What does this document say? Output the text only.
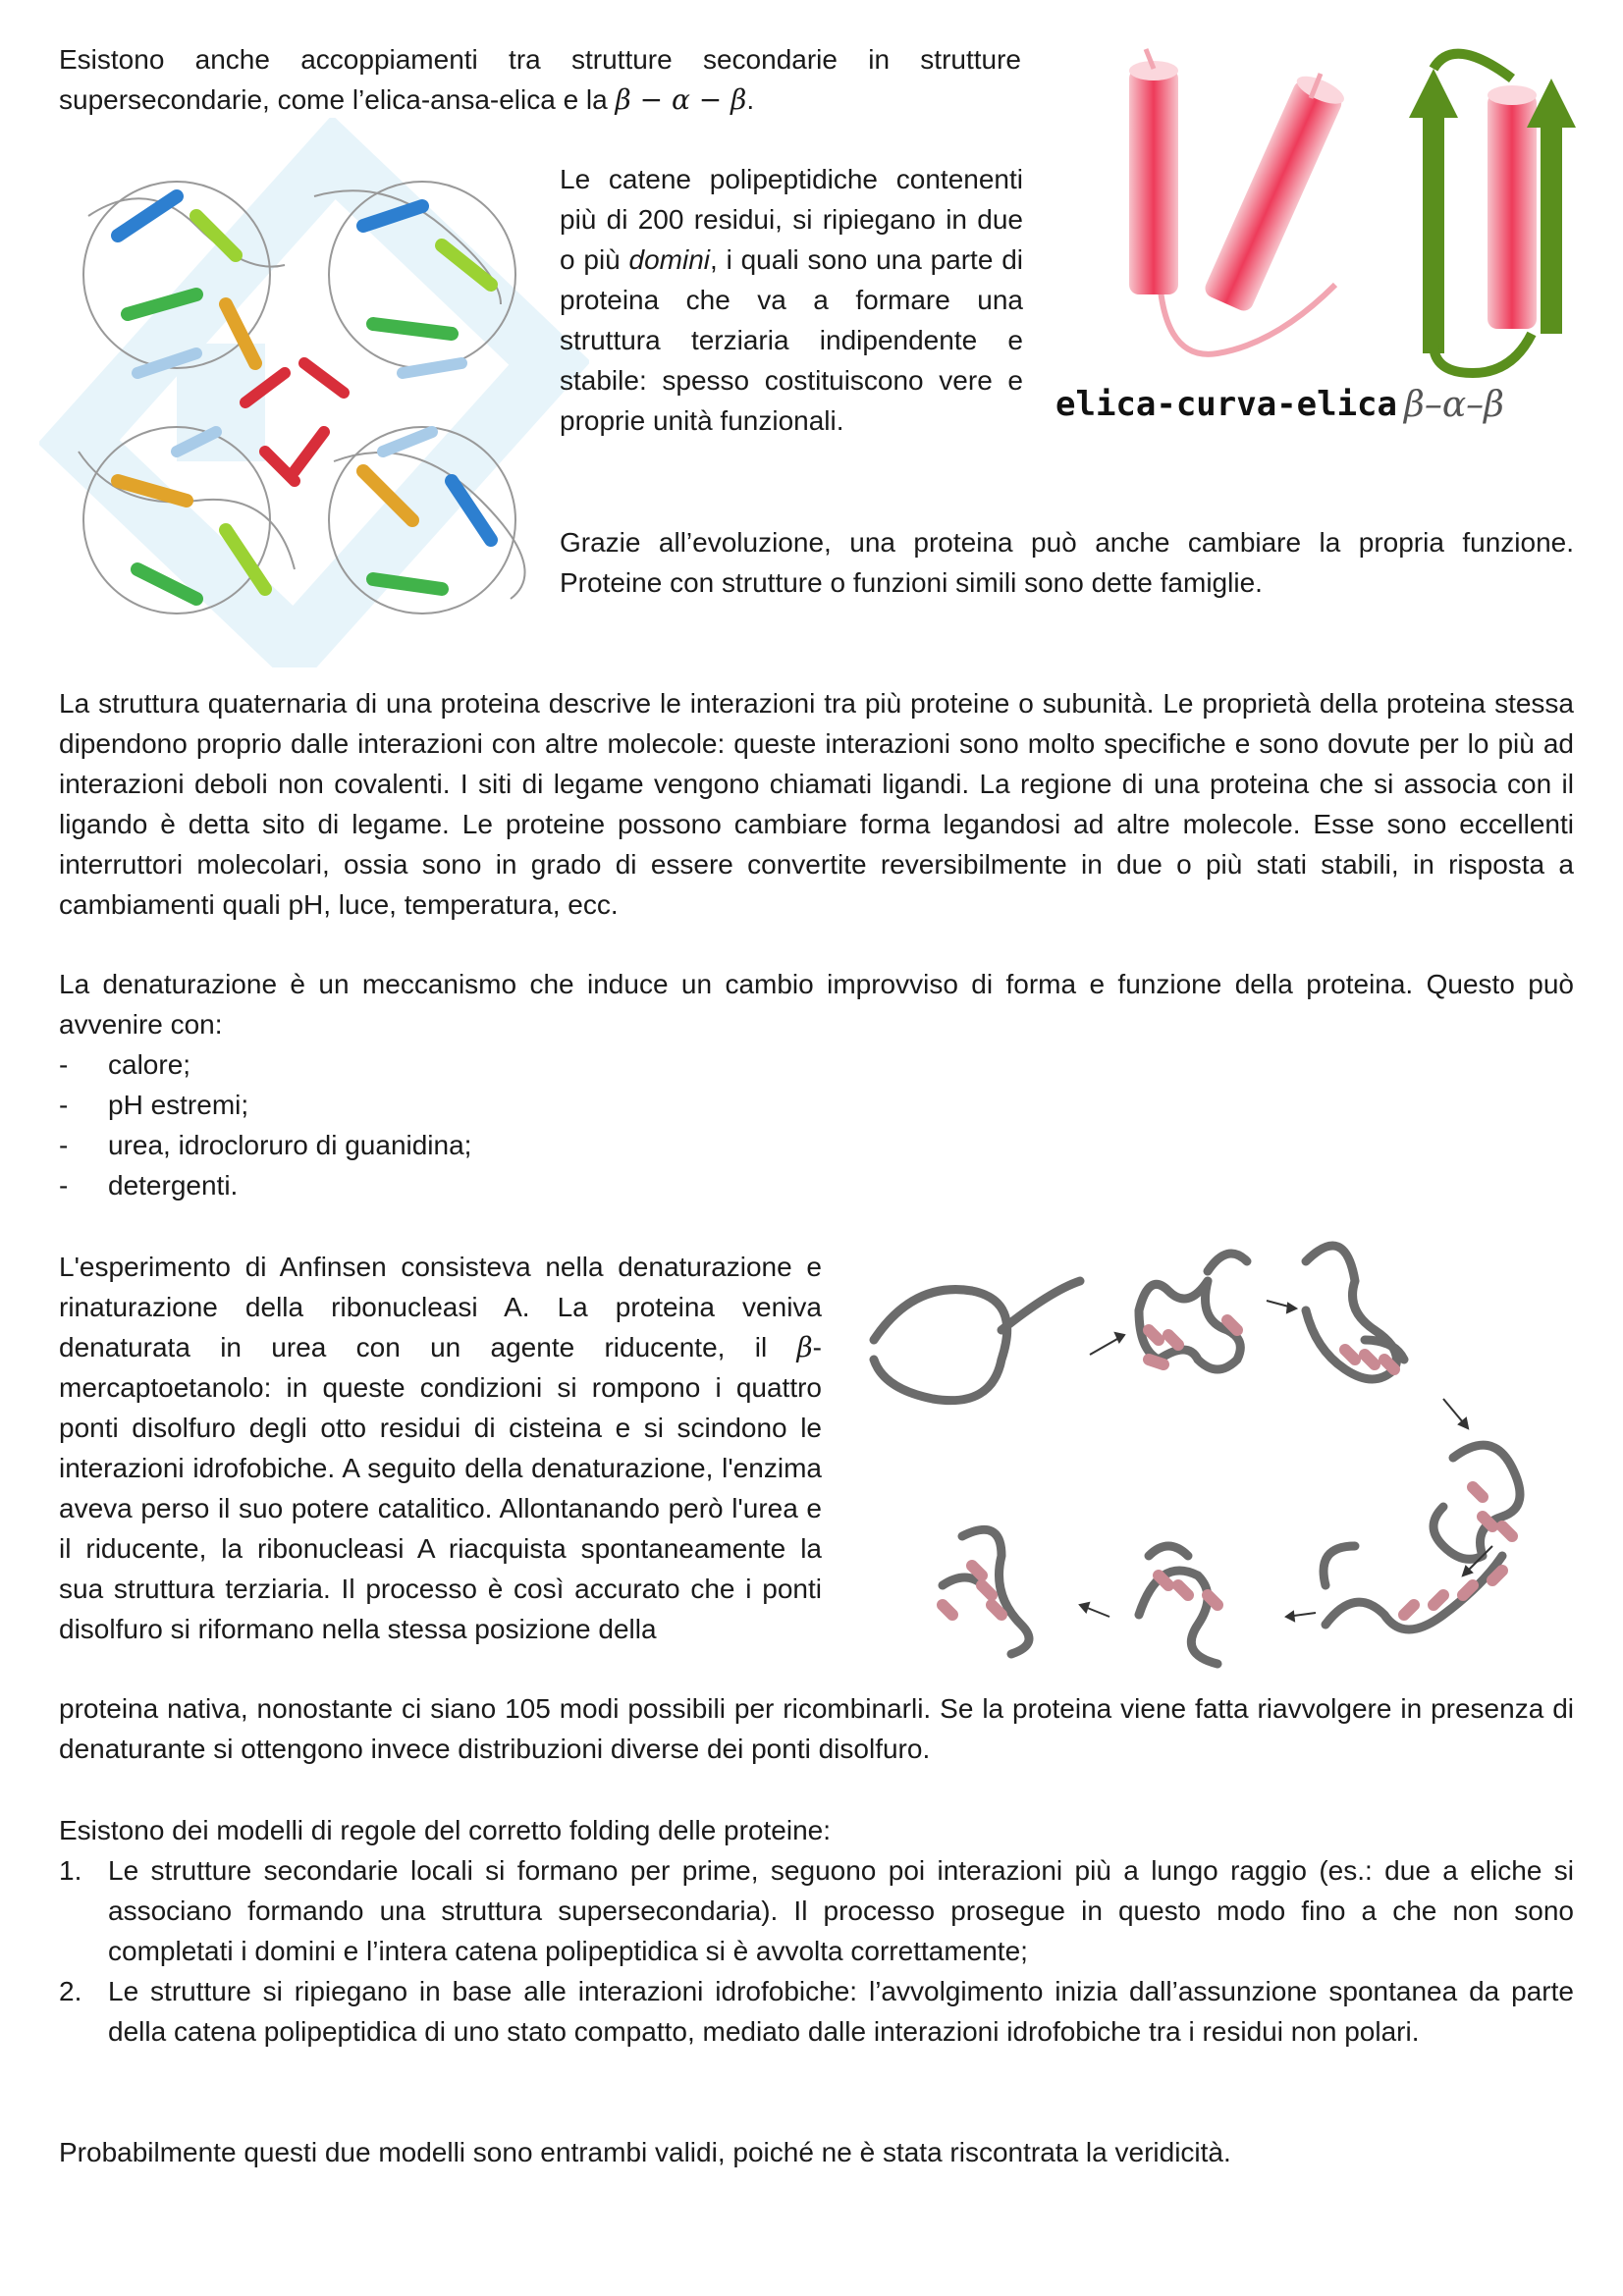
Esistono anche accoppiamenti tra strutture secondarie in strutture supersecondarie, come l’elica-ansa-elica e la β − α − β.
Le catene polipeptidiche contenenti più di 200 residui, si ripiegano in due o più domini, i quali sono una parte di proteina che va a formare una struttura terziaria indipendente e stabile: spesso costituiscono vere e proprie unità funzionali.	elica-curva-elica β–α–β
Grazie all’evoluzione, una proteina può anche cambiare la propria funzione. Proteine con strutture o funzioni simili sono dette famiglie.
La struttura quaternaria di una proteina descrive le interazioni tra più proteine o subunità. Le proprietà della proteina stessa dipendono proprio dalle interazioni con altre molecole: queste interazioni sono molto specifiche e sono dovute per lo più ad interazioni deboli non covalenti. I siti di legame vengono chiamati ligandi. La regione di una proteina che si associa con il ligando è detta sito di legame. Le proteine possono cambiare forma legandosi ad altre molecole. Esse sono eccellenti interruttori molecolari, ossia sono in grado di essere convertite reversibilmente in due o più stati stabili, in risposta a cambiamenti quali pH, luce, temperatura, ecc.
La denaturazione è un meccanismo che induce un cambio improvviso di forma e funzione della proteina. Questo può avvenire con:
- calore;
- pH estremi;
- urea, idrocloruro di guanidina;
- detergenti.
L'esperimento di Anfinsen consisteva nella denaturazione e rinaturazione della ribonucleasi A. La proteina veniva denaturata in urea con un agente riducente, il β-mercaptoetanolo: in queste condizioni si rompono i quattro ponti disolfuro degli otto residui di cisteina e si scindono le interazioni idrofobiche. A seguito della denaturazione, l'enzima aveva perso il suo potere catalitico. Allontanando però l'urea e il riducente, la ribonucleasi A riacquista spontaneamente la sua struttura terziaria. Il processo è così accurato che i ponti disolfuro si riformano nella stessa posizione della
proteina nativa, nonostante ci siano 105 modi possibili per ricombinarli. Se la proteina viene fatta riavvolgere in presenza di denaturante si ottengono invece distribuzioni diverse dei ponti disolfuro.
Esistono dei modelli di regole del corretto folding delle proteine:
1. Le strutture secondarie locali si formano per prime, seguono poi interazioni più a lungo raggio (es.: due a eliche si associano formando una struttura supersecondaria). Il processo prosegue in questo modo fino a che non sono completati i domini e l’intera catena polipeptidica si è avvolta correttamente;
2. Le strutture si ripiegano in base alle interazioni idrofobiche: l’avvolgimento inizia dall’assunzione spontanea da parte della catena polipeptidica di uno stato compatto, mediato dalle interazioni idrofobiche tra i residui non polari.
Probabilmente questi due modelli sono entrambi validi, poiché ne è stata riscontrata la veridicità.
